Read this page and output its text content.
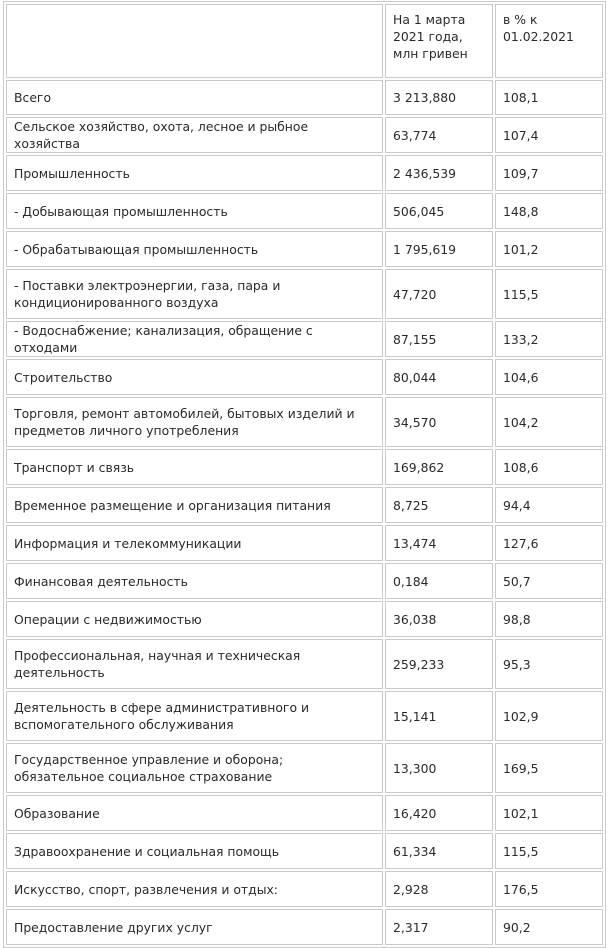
	На 1 марта 2021 года, млн гривен	в % к 01.02.2021
Всего	3 213,880	108,1
Сельское хозяйство, охота, лесное и рыбное хозяйства	63,774	107,4
Промышленность	2 436,539	109,7
- Добывающая промышленность	506,045	148,8
- Обрабатывающая промышленность	1 795,619	101,2
- Поставки электроэнергии, газа, пара и кондиционированного воздуха	47,720	115,5
- Водоснабжение; канализация, обращение с отходами	87,155	133,2
Строительство	80,044	104,6
Торговля, ремонт автомобилей, бытовых изделий и предметов личного употребления	34,570	104,2
Транспорт и связь	169,862	108,6
Временное размещение и организация питания	8,725	94,4
Информация и телекоммуникации	13,474	127,6
Финансовая деятельность	0,184	50,7
Операции с недвижимостью	36,038	98,8
Профессиональная, научная и техническая деятельность	259,233	95,3
Деятельность в сфере административного и вспомогательного обслуживания	15,141	102,9
Государственное управление и оборона; обязательное социальное страхование	13,300	169,5
Образование	16,420	102,1
Здравоохранение и социальная помощь	61,334	115,5
Искусство, спорт, развлечения и отдых:	2,928	176,5
Предоставление других услуг	2,317	90,2
